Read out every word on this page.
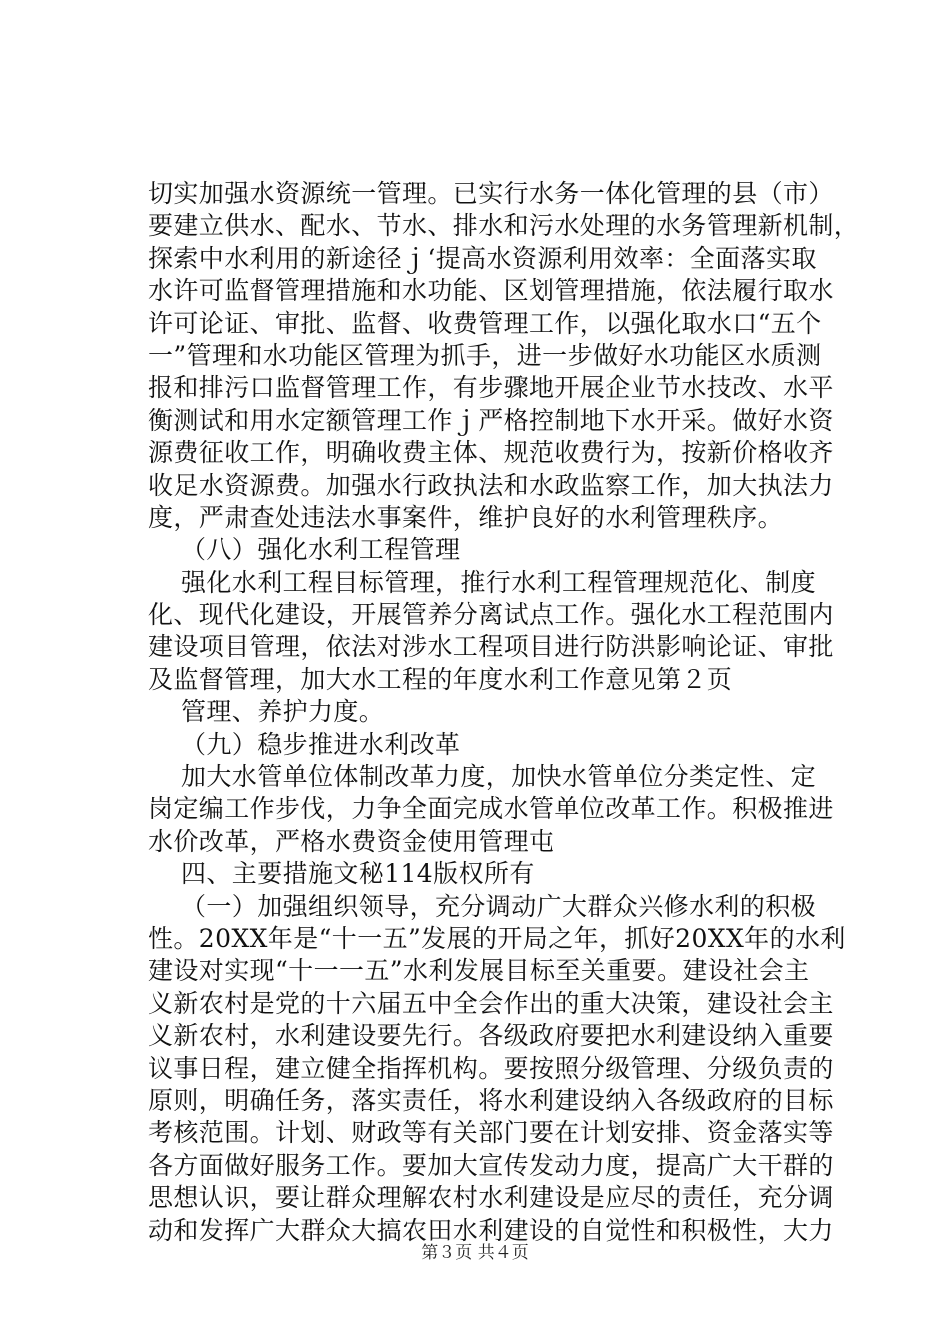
切实加强水资源统一管理。已实行水务一体化管理的县（市）
要建立供水、配水、节水、排水和污水处理的水务管理新机制，
探索中水利用的新途径ｊ‘提高水资源利用效率：全面落实取
水许可监督管理措施和水功能、区划管理措施，依法履行取水
许可论证、审批、监督、收费管理工作，以强化取水口“五个
一”管理和水功能区管理为抓手，进一步做好水功能区水质测
报和排污口监督管理工作，有步骤地开展企业节水技改、水平
衡测试和用水定额管理工作ｊ严格控制地下水开采。做好水资
源费征收工作，明确收费主体、规范收费行为，按新价格收齐
收足水资源费。加强水行政执法和水政监察工作，加大执法力
度，严肃查处违法水事案件，维护良好的水利管理秩序。
（八）强化水利工程管理
强化水利工程目标管理，推行水利工程管理规范化、制度
化、现代化建设，开展管养分离试点工作。强化水工程范围内
建设项目管理，依法对涉水工程项目进行防洪影响论证、审批
及监督管理，加大水工程的年度水利工作意见第２页
管理、养护力度。
（九）稳步推进水利改革
加大水管单位体制改革力度，加快水管单位分类定性、定
岗定编工作步伐，力争全面完成水管单位改革工作。积极推进
水价改革，严格水费资金使用管理屯
四、主要措施文秘114版权所有
（一）加强组织领导，充分调动广大群众兴修水利的积极
性。20XX年是“十一五”发展的开局之年，抓好20XX年的水利
建设对实现“十一一五”水利发展目标至关重要。建设社会主
义新农村是党的十六届五中全会作出的重大决策，建设社会主
义新农村，水利建设要先行。各级政府要把水利建设纳入重要
议事日程，建立健全指挥机构。要按照分级管理、分级负责的
原则，明确任务，落实责任，将水利建设纳入各级政府的目标
考核范围。计划、财政等有关部门要在计划安排、资金落实等
各方面做好服务工作。要加大宣传发动力度，提高广大干群的
思想认识，要让群众理解农村水利建设是应尽的责任，充分调
动和发挥广大群众大搞农田水利建设的自觉性和积极性，大力
第３页 共４页
